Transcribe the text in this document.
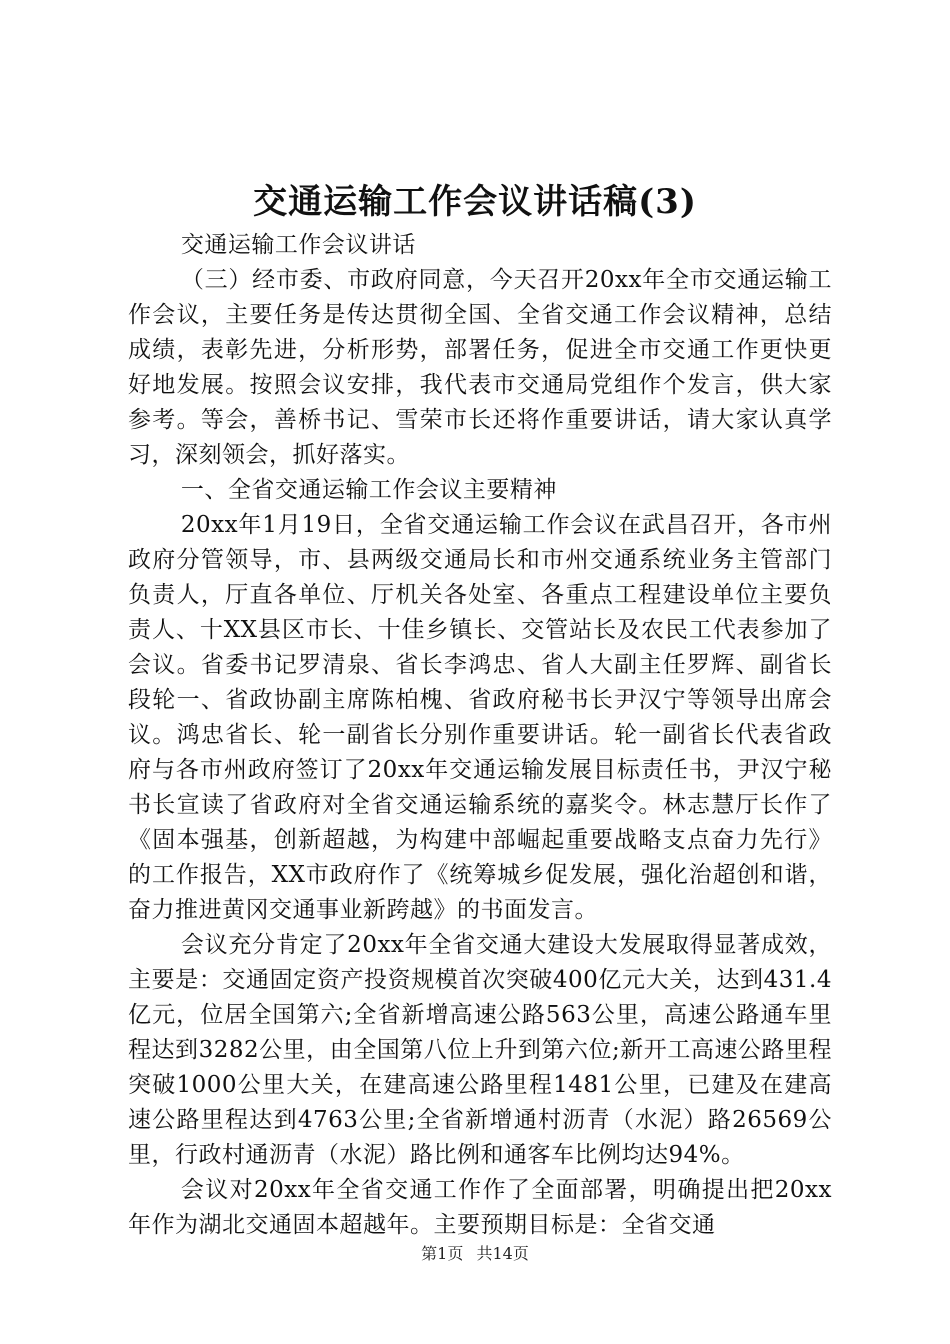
交通运输工作会议讲话稿(3)

交通运输工作会议讲话

（三）经市委、市政府同意，今天召开20xx年全市交通运输工作会议，主要任务是传达贯彻全国、全省交通工作会议精神，总结成绩，表彰先进，分析形势，部署任务，促进全市交通工作更快更好地发展。按照会议安排，我代表市交通局党组作个发言，供大家参考。等会，善桥书记、雪荣市长还将作重要讲话，请大家认真学习，深刻领会，抓好落实。

一、全省交通运输工作会议主要精神

20xx年1月19日，全省交通运输工作会议在武昌召开，各市州政府分管领导，市、县两级交通局长和市州交通系统业务主管部门负责人，厅直各单位、厅机关各处室、各重点工程建设单位主要负责人、十XX县区市长、十佳乡镇长、交管站长及农民工代表参加了会议。省委书记罗清泉、省长李鸿忠、省人大副主任罗辉、副省长段轮一、省政协副主席陈柏槐、省政府秘书长尹汉宁等领导出席会议。鸿忠省长、轮一副省长分别作重要讲话。轮一副省长代表省政府与各市州政府签订了20xx年交通运输发展目标责任书，尹汉宁秘书长宣读了省政府对全省交通运输系统的嘉奖令。林志慧厅长作了《固本强基，创新超越，为构建中部崛起重要战略支点奋力先行》的工作报告，XX市政府作了《统筹城乡促发展，强化治超创和谐，奋力推进黄冈交通事业新跨越》的书面发言。

会议充分肯定了20xx年全省交通大建设大发展取得显著成效，主要是：交通固定资产投资规模首次突破400亿元大关，达到431.4亿元，位居全国第六;全省新增高速公路563公里，高速公路通车里程达到3282公里，由全国第八位上升到第六位;新开工高速公路里程突破1000公里大关，在建高速公路里程1481公里，已建及在建高速公路里程达到4763公里;全省新增通村沥青（水泥）路26569公里，行政村通沥青（水泥）路比例和通客车比例均达94%。

会议对20xx年全省交通工作作了全面部署，明确提出把20xx年作为湖北交通固本超越年。主要预期目标是：全省交通

第1页 共14页
